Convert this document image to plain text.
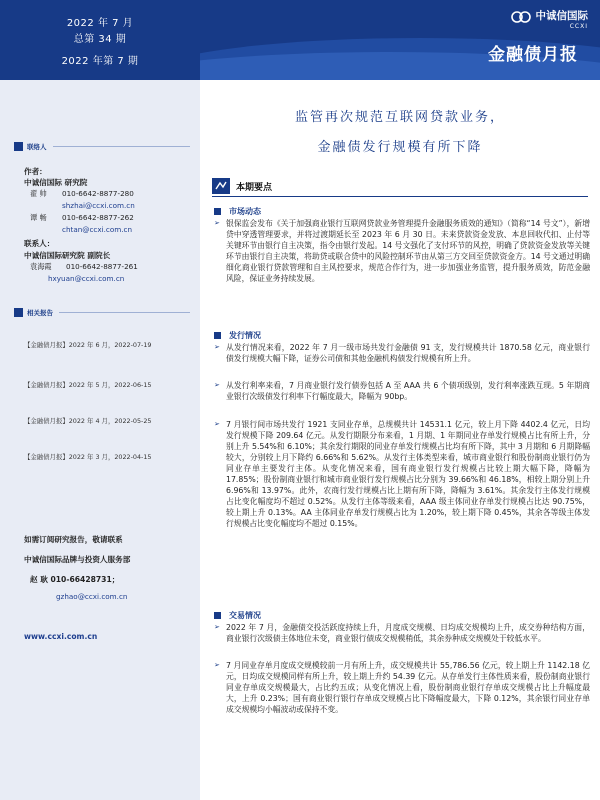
2022 年 7 月
总第 34 期
2022 年第 7 期
中诚信国际
CCXI
金融债月报
联络人
作者：
中诚信国际 研究院
翟 帅 010-6642-8877-280
shzhai@ccxi.com.cn
谭 畅 010-6642-8877-262
chtan@ccxi.com.cn
联系人：
中诚信国际研究院 副院长
袁海霞 010-6642-8877-261
hxyuan@ccxi.com.cn
相关报告
【金融债月报】2022 年 6 月，2022-07-19
【金融债月报】2022 年 5 月，2022-06-15
【金融债月报】2022 年 4 月，2022-05-25
【金融债月报】2022 年 3 月，2022-04-15
如需订阅研究报告，敬请联系
中诚信国际品牌与投资人服务部
赵 耿 010-66428731；
gzhao@ccxi.com.cn
www.ccxi.com.cn
监管再次规范互联网贷款业务，
金融债发行规模有所下降
本期要点
市场动态
➢ 银保监会发布《关于加强商业银行互联网贷款业务管理提升金融服务质效的通知》（简称“14 号文”），新增贷中穿透管理要求，并将过渡期延长至 2023 年 6 月 30 日。未来贷款资金发放、本息回收代扣、止付等关键环节由银行自主决策，指令由银行发起。14 号文强化了支付环节的风控，明确了贷款资金发放等关键环节由银行自主决策，将助贷或联合贷中的风险控制环节由从第三方交回至贷款资金方。14 号文通过明确细化商业银行贷款管理和自主风控要求，规范合作行为，进一步加强业务监管，提升服务质效，防范金融风险，保证业务持续发展。
发行情况
➢ 从发行情况来看，2022 年 7 月一级市场共发行金融债 91 支，发行规模共计 1870.58 亿元，商业银行债发行规模大幅下降，证券公司债和其他金融机构债发行规模有所上升。
➢ 从发行利率来看，7 月商业银行发行债券包括 A 至 AAA 共 6 个债项级别，发行利率涨跌互现。5 年期商业银行次级债发行利率下行幅度最大，降幅为 90bp。
➢ 7 月银行间市场共发行 1921 支同业存单，总规模共计 14531.1 亿元，较上月下降 4402.4 亿元，日均发行规模下降 209.64 亿元。从发行期限分布来看，1 月期、1 年期同业存单发行规模占比有所上升，分别上升 5.54%和 6.10%；其余发行期限的同业存单发行规模占比均有所下降，其中 3 月期和 6 月期降幅较大，分别较上月下降约 6.66%和 5.62%。从发行主体类型来看，城市商业银行和股份制商业银行仍为同业存单主要发行主体。从变化情况来看，国有商业银行发行规模占比较上期大幅下降，降幅为 17.85%；股份制商业银行和城市商业银行发行规模占比分别为 39.66%和 46.18%，相较上期分别上升 6.96%和 13.97%。此外，农商行发行规模占比上期有所下降，降幅为 3.61%。其余发行主体发行规模占比变化幅度均不超过 0.52%。从发行主体等级来看，AAA 级主体同业存单发行规模占比达 90.75%，较上期上升 0.13%。AA 主体同业存单发行规模占比为 1.20%，较上期下降 0.45%，其余各等级主体发行规模占比变化幅度均不超过 0.15%。
交易情况
➢ 2022 年 7 月，金融债交投活跃度持续上升，月度成交规模、日均成交规模均上升，成交券种结构方面，商业银行次级债主体地位未变，商业银行债成交规模稍低，其余券种成交规模处于较低水平。
➢ 7 月同业存单月度成交规模较前一月有所上升，成交规模共计 55,786.56 亿元，较上期上升 1142.18 亿元，日均成交规模同样有所上升，较上期上升约 54.39 亿元。从存单发行主体性质来看，股份制商业银行同业存单成交规模最大，占比约五成；从变化情况上看，股份制商业银行存单成交规模占比上升幅度最大，上升 0.23%；国有商业银行银行存单成交规模占比下降幅度最大，下降 0.12%，其余银行同业存单成交规模均小幅波动或保持不变。
